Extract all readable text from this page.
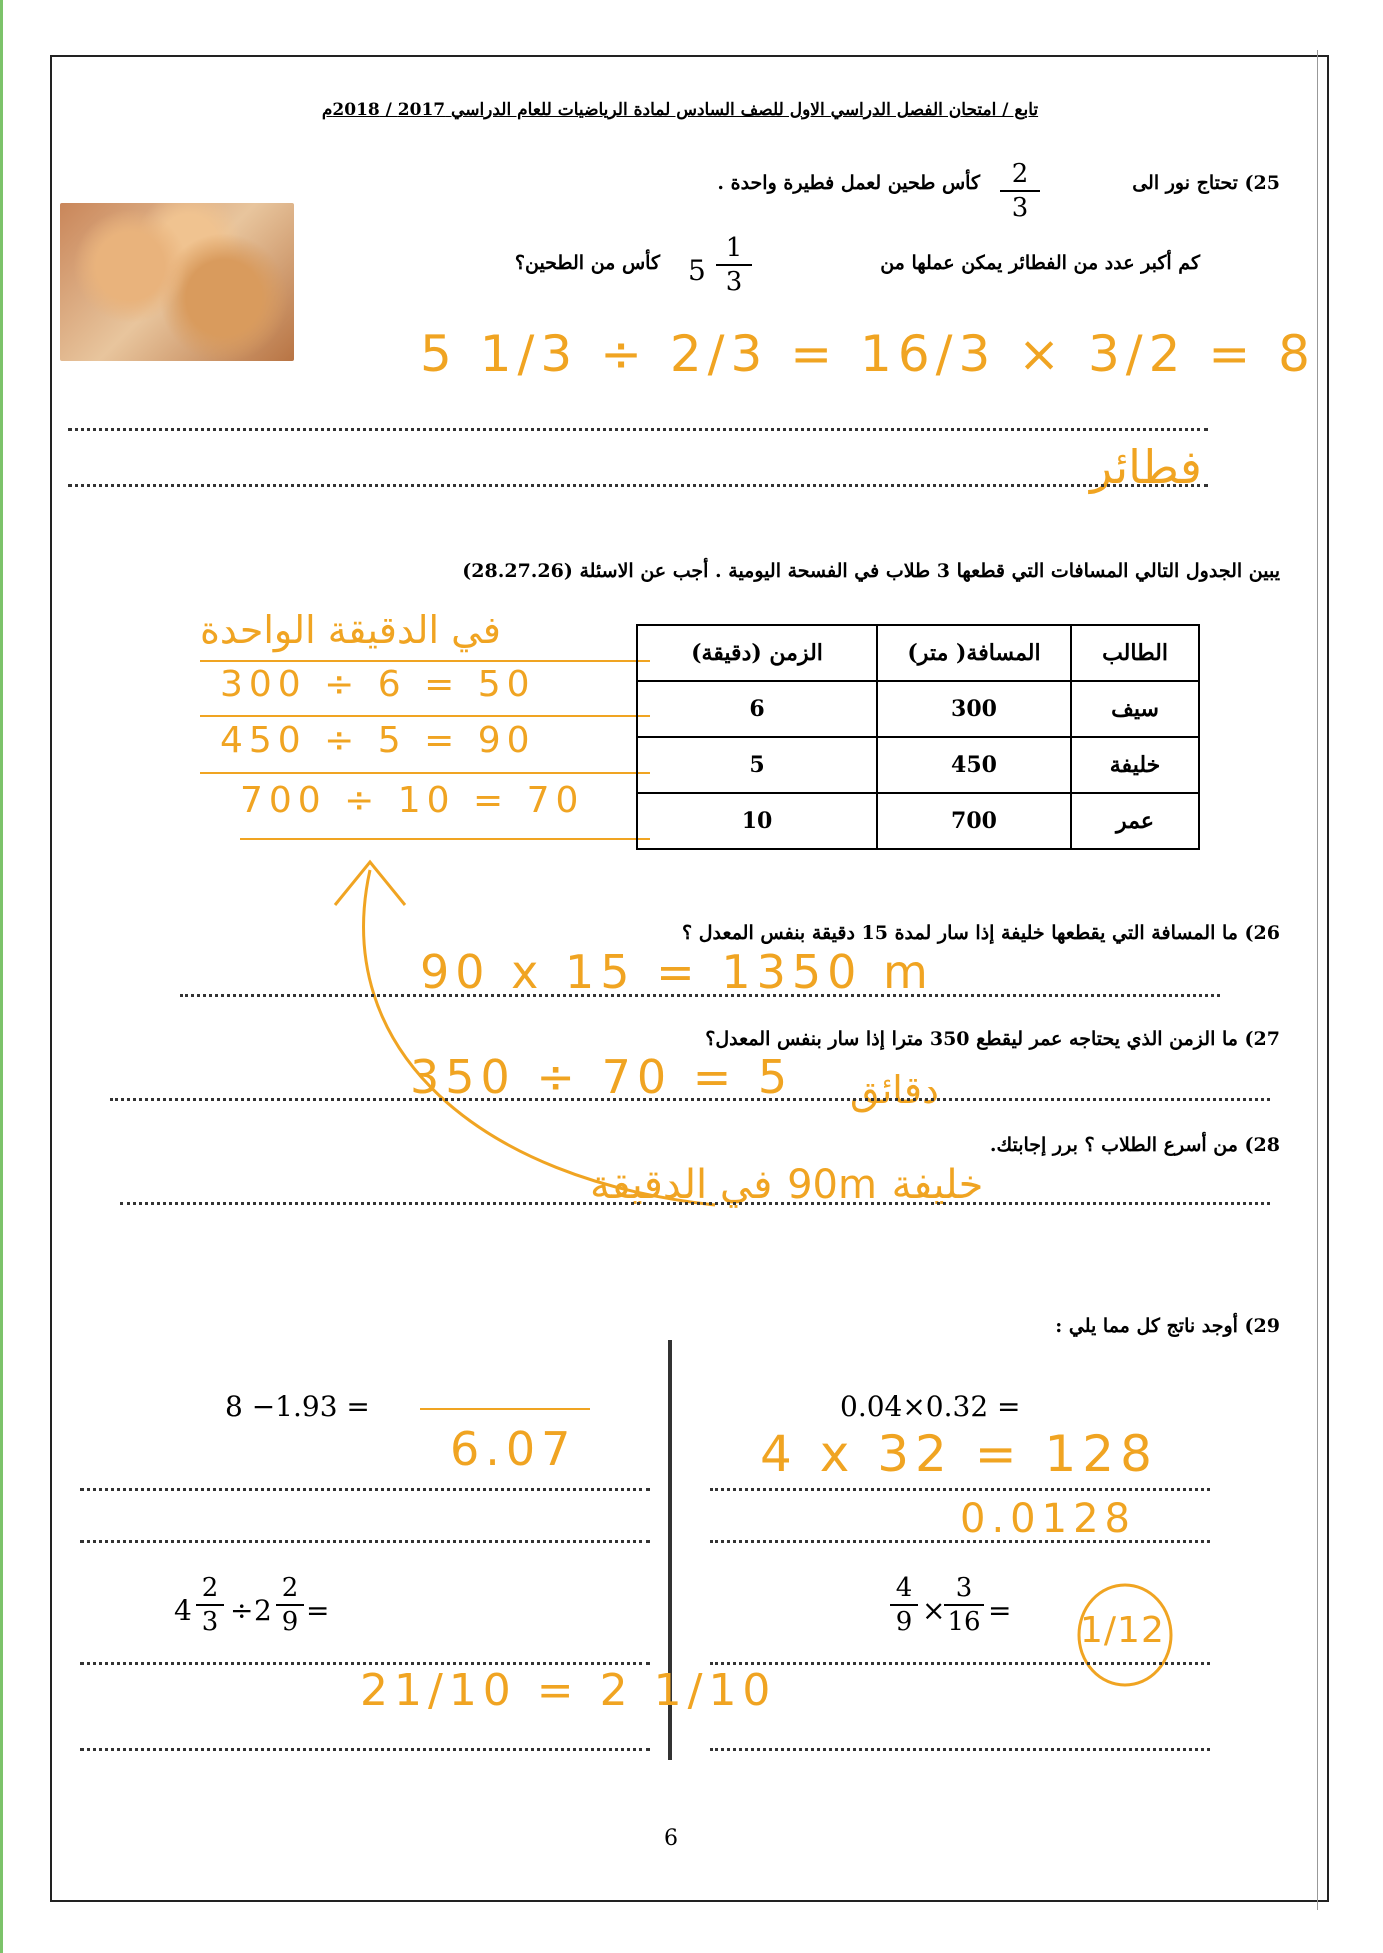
تابع / امتحان الفصل الدراسي الاول للصف السادس لمادة الرياضيات للعام الدراسي 2017 / 2018م
25) تحتاج نور الى
$\frac{2}{3}$
كأس طحين لعمل فطيرة واحدة .
كم أكبر عدد من الفطائر يمكن عملها من
$5 \frac{1}{3}$
كأس من الطحين؟
5 1/3 ÷ 2/3 = 16/3 × 3/2 = 8
فطائر
يبين الجدول التالي المسافات التي قطعها 3 طلاب في الفسحة اليومية . أجب عن الاسئلة (28.27.26)
في الدقيقة الواحدة
300 ÷ 6 = 50
450 ÷ 5 = 90
700 ÷ 10 = 70
الطالب	المسافة( متر)	الزمن (دقيقة)
سيف	300	6
خليفة	450	5
عمر	700	10
26) ما المسافة التي يقطعها خليفة إذا سار لمدة 15 دقيقة بنفس المعدل ؟
90 x 15 = 1350 m
27) ما الزمن الذي يحتاجه عمر ليقطع 350 مترا إذا سار بنفس المعدل؟
350 ÷ 70 = 5 دقائق
28) من أسرع الطلاب ؟ برر إجابتك.
خليفة 90m في الدقيقة
29) أوجد ناتج كل مما يلي :
0.04×0.32 =
4 x 32 = 128
0.0128
8 −1.93 =
6.07
$4 \frac{2}{3} \div 2 \frac{2}{9}$ =
21/10 = 2 1/10
$\frac{4}{9}$ ×
$\frac{3}{16} = 1/12$
6
